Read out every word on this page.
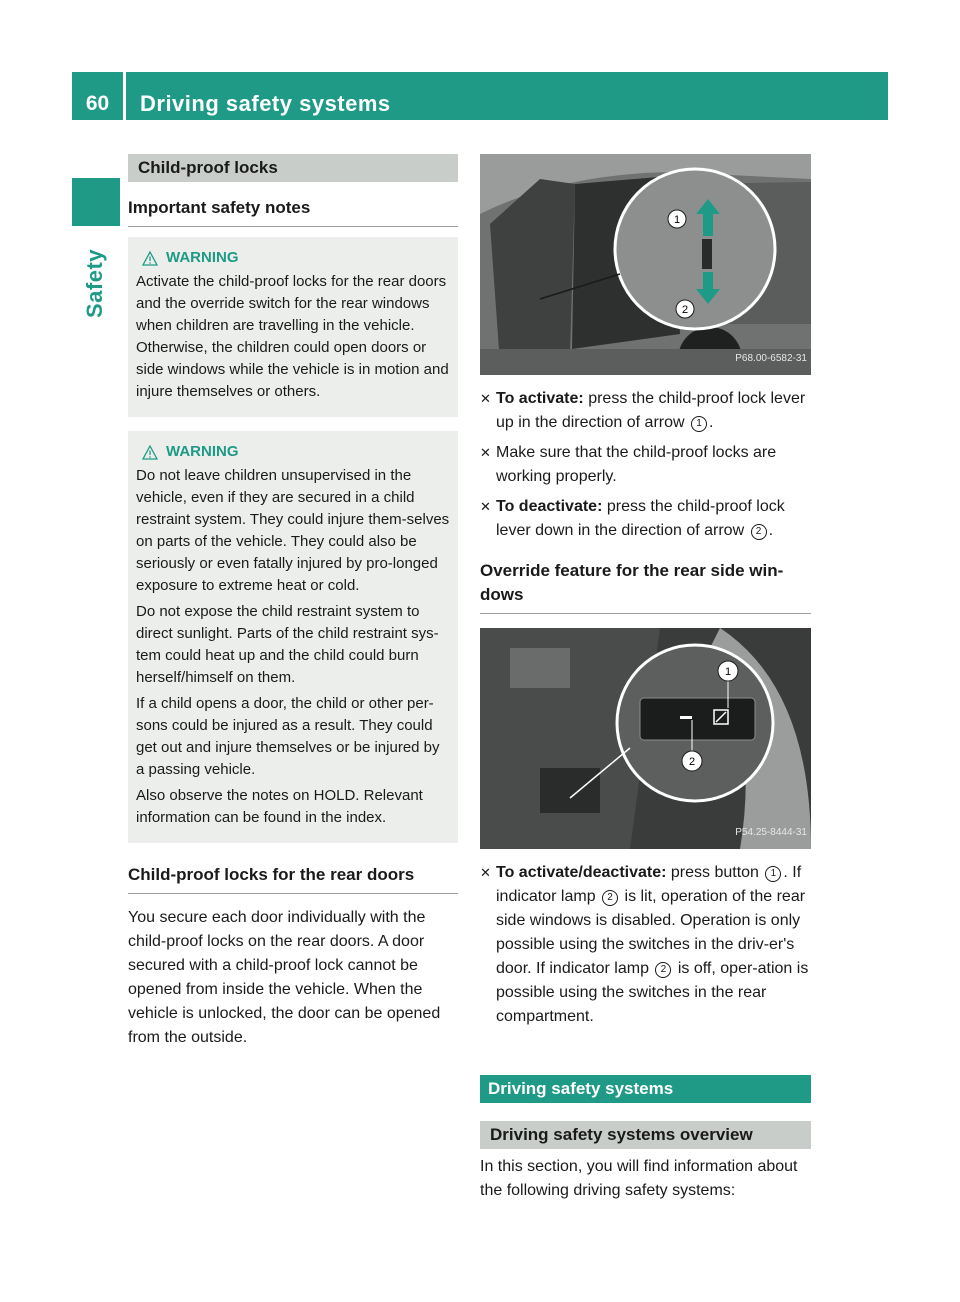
60	Driving safety systems
Safety
Child-proof locks
Important safety notes
WARNING

Activate the child-proof locks for the rear doors and the override switch for the rear windows when children are travelling in the vehicle. Otherwise, the children could open doors or side windows while the vehicle is in motion and injure themselves or others.

WARNING

Do not leave children unsupervised in the vehicle, even if they are secured in a child restraint system. They could injure them-selves on parts of the vehicle. They could also be seriously or even fatally injured by pro-longed exposure to extreme heat or cold.

Do not expose the child restraint system to direct sunlight. Parts of the child restraint sys-tem could heat up and the child could burn herself/himself on them.

If a child opens a door, the child or other per-sons could be injured as a result. They could get out and injure themselves or be injured by a passing vehicle.

Also observe the notes on HOLD. Relevant information can be found in the index.

Child-proof locks for the rear doors
You secure each door individually with the child-proof locks on the rear doors. A door secured with a child-proof lock cannot be opened from inside the vehicle. When the vehicle is unlocked, the door can be opened from the outside.
1
2
P68.00-6582-31
✕ To activate: press the child-proof lock lever up in the direction of arrow 1 .
✕ Make sure that the child-proof locks are working properly.
✕ To deactivate: press the child-proof lock lever down in the direction of arrow 2 .
Override feature for the rear side win-dows
1
2
P54.25-8444-31
✕ To activate/deactivate: press button 1 . If indicator lamp 2 is lit, operation of the rear side windows is disabled. Operation is only possible using the switches in the driv-er's door. If indicator lamp 2 is off, oper-ation is possible using the switches in the rear compartment.
Driving safety systems
Driving safety systems overview
In this section, you will find information about the following driving safety systems:
